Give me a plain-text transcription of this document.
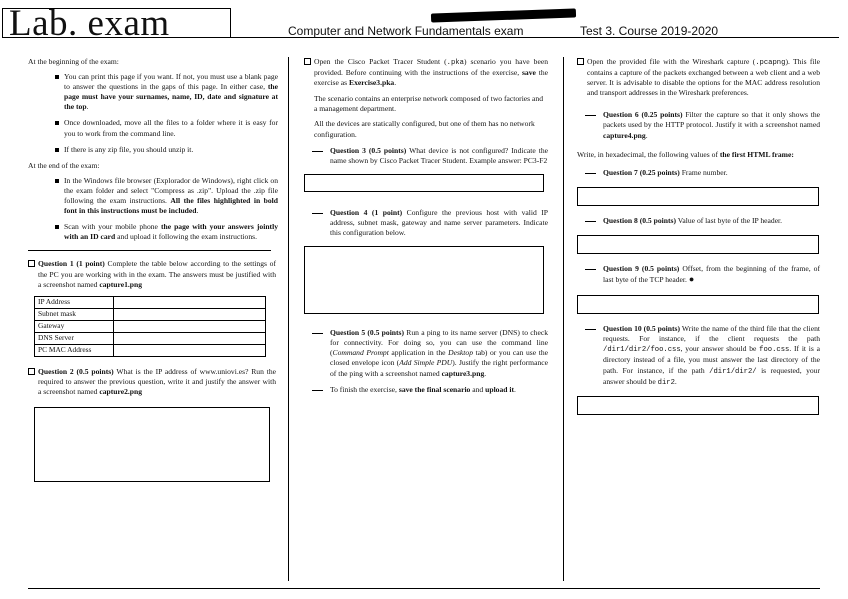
Lab. exam	Computer and Network Fundamentals exam	Test 3. Course 2019-2020

At the beginning of the exam:

You can print this page if you want. If not, you must use a blank page to answer the questions in the gaps of this page. In either case, the page must have your surnames, name, ID, date and signature at the top.
Once downloaded, move all the files to a folder where it is easy for you to work from the command line.
If there is any zip file, you should unzip it.

At the end of the exam:

In the Windows file browser (Explorador de Windows), right click on the exam folder and select "Compress as .zip". Upload the .zip file following the exam instructions. All the files highlighted in bold font in this instructions must be included.
Scan with your mobile phone the page with your answers jointly with an ID card and upload it following the exam instructions.
Question 1 (1 point) Complete the table below according to the settings of the PC you are working with in the exam. The answers must be justified with a screenshot named capture1.png
IP Address	
Subnet mask	
Gateway	
DNS Server	
PC MAC Address	
Question 2 (0.5 points) What is the IP address of www.uniovi.es? Run the required to answer the previous question, write it and justify the answer with a screenshot named capture2.png
Open the Cisco Packet Tracer Student (.pka) scenario you have been provided. Before continuing with the instructions of the exercise, save the exercise as Exercise3.pka.

The scenario contains an enterprise network composed of two factories and a management department.

All the devices are statically configured, but one of them has no network configuration.

Question 3 (0.5 points) What device is not configured? Indicate the name shown by Cisco Packet Tracer Student. Example answer: PC3-F2
Question 4 (1 point) Configure the previous host with valid IP address, subnet mask, gateway and name server parameters. Indicate this configuration below.
Question 5 (0.5 points) Run a ping to its name server (DNS) to check for connectivity. For doing so, you can use the command line (Command Prompt application in the Desktop tab) or you can use the closed envelope icon (Add Simple PDU). Justify the right performance of the ping with a screenshot named capture3.png.
To finish the exercise, save the final scenario and upload it.
Open the provided file with the Wireshark capture (.pcapng). This file contains a capture of the packets exchanged between a web client and a web server. It is advisable to disable the options for the MAC address resolution and transport addresses in the Wireshark preferences.
Question 6 (0.25 points) Filter the capture so that it only shows the packets used by the HTTP protocol. Justify it with a screenshot named capture4.png.

Write, in hexadecimal, the following values of the first HTML frame:

Question 7 (0.25 points) Frame number.
Question 8 (0.5 points) Value of last byte of the IP header.
Question 9 (0.5 points) Offset, from the beginning of the frame, of last byte of the TCP header. ●
Question 10 (0.5 points) Write the name of the third file that the client requests. For instance, if the client requests the path /dir1/dir2/foo.css, your answer should be foo.css. If it is a directory instead of a file, you must answer the last directory of the path. For instance, if the path /dir1/dir2/ is requested, your answer should be dir2.
